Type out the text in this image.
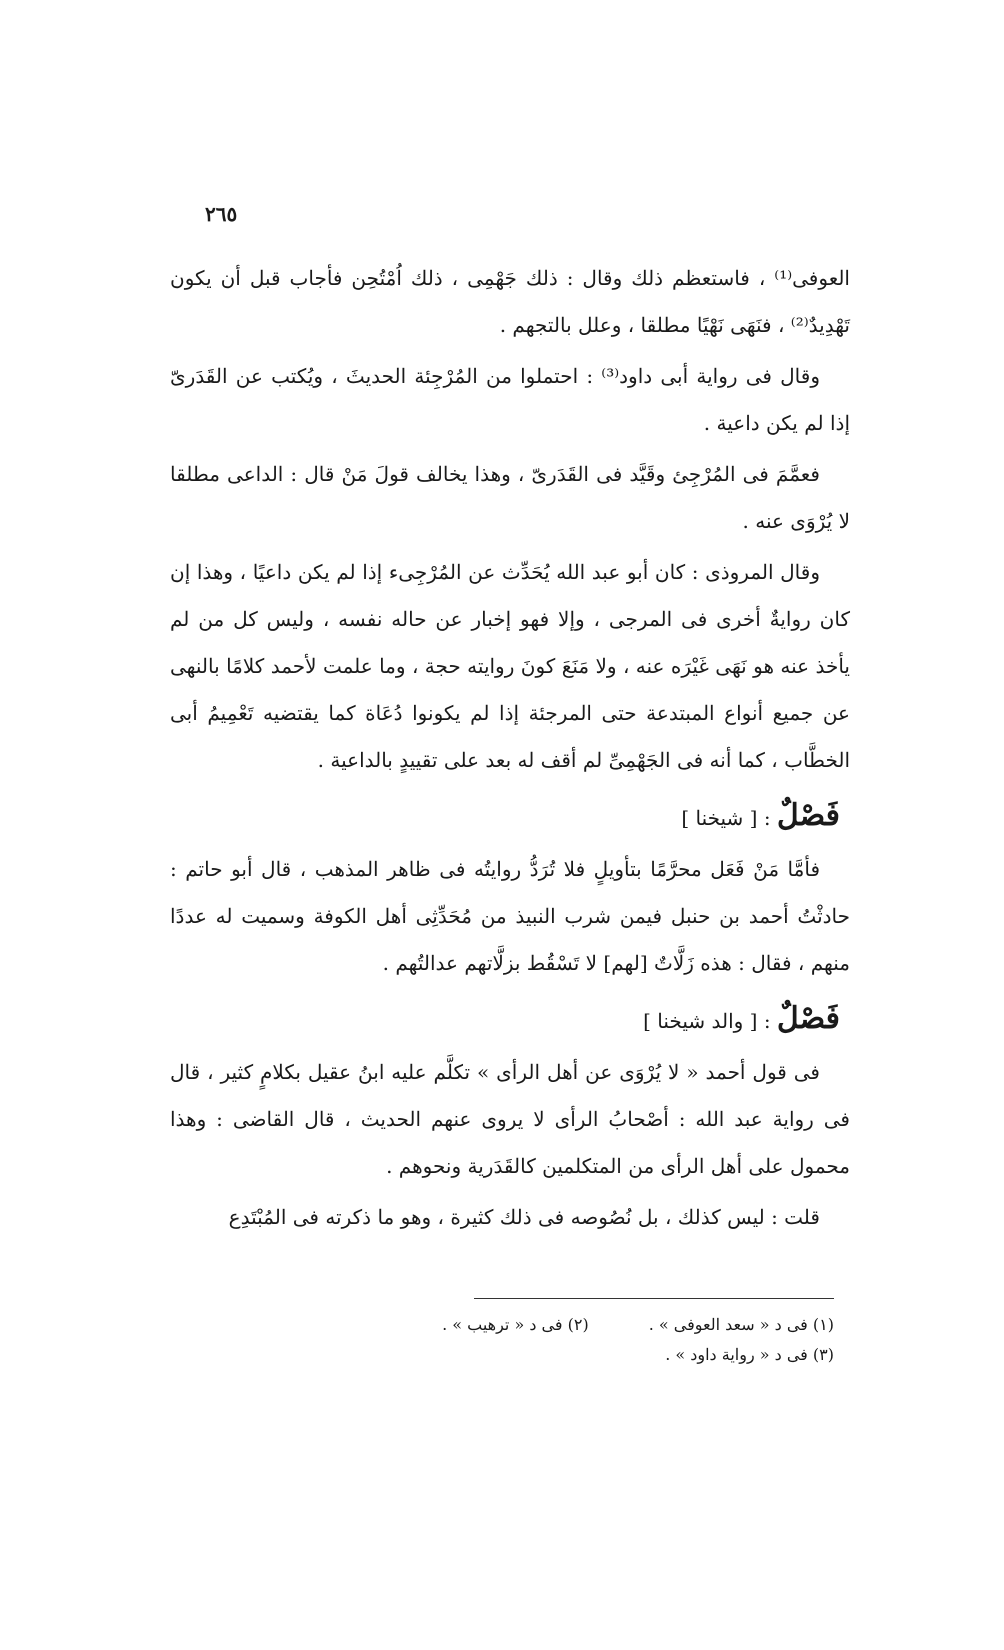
٢٦٥

العوفى⁽¹⁾ ، فاستعظم ذلك وقال : ذلك جَهْمِى ، ذلك اُمْتُحِن فأجاب قبل أن يكون تَهْدِيدٌ⁽²⁾ ، فنَهَى نَهْيًا مطلقا ، وعلل بالتجهم .

وقال فى رواية أبى داود⁽³⁾ : احتملوا من المُرْجِئة الحديثَ ، ويُكتب عن القَدَرىّ إذا لم يكن داعية .

فعمَّمَ فى المُرْجِئ وقَيَّد فى القَدَرىّ ، وهذا يخالف قولَ مَنْ قال : الداعى مطلقا لا يُرْوَى عنه .

وقال المروذى : كان أبو عبد الله يُحَدِّث عن المُرْجِىء إذا لم يكن داعيًا ، وهذا إن كان روايةٌ أخرى فى المرجى ، وإلا فهو إخبار عن حاله نفسه ، وليس كل من لم يأخذ عنه هو نَهَى غَيْرَه عنه ، ولا مَنَعَ كونَ روايته حجة ، وما علمت لأحمد كلامًا بالنهى عن جميع أنواع المبتدعة حتى المرجئة إذا لم يكونوا دُعَاة كما يقتضيه تَعْمِيمُ أبى الخطَّاب ، كما أنه فى الجَهْمِىِّ لم أقف له بعد على تقييدٍ بالداعية .

فَصْلٌ : [ شيخنا ]

فأمَّا مَنْ فَعَل محرَّمًا بتأويلٍ فلا تُرَدُّ روايتُه فى ظاهر المذهب ، قال أبو حاتم : حادثْتُ أحمد بن حنبل فيمن شرب النبيذ من مُحَدِّثِى أهل الكوفة وسميت له عددًا منهم ، فقال : هذه زَلَّاتٌ [لهم] لا تَسْقُط بزلَّاتهم عدالتُهم .

فَصْلٌ : [ والد شيخنا ]

فى قول أحمد « لا يُرْوَى عن أهل الرأى » تكلَّم عليه ابنُ عقيل بكلامٍ كثير ، قال فى رواية عبد الله : أصْحابُ الرأى لا يروى عنهم الحديث ، قال القاضى : وهذا محمول على أهل الرأى من المتكلمين كالقَدَرية ونحوهم .

قلت : ليس كذلك ، بل نُصُوصه فى ذلك كثيرة ، وهو ما ذكرته فى المُبْتَدِع

(١) فى د « سعد العوفى » .
(٢) فى د « ترهيب » .
(٣) فى د « رواية داود » .
